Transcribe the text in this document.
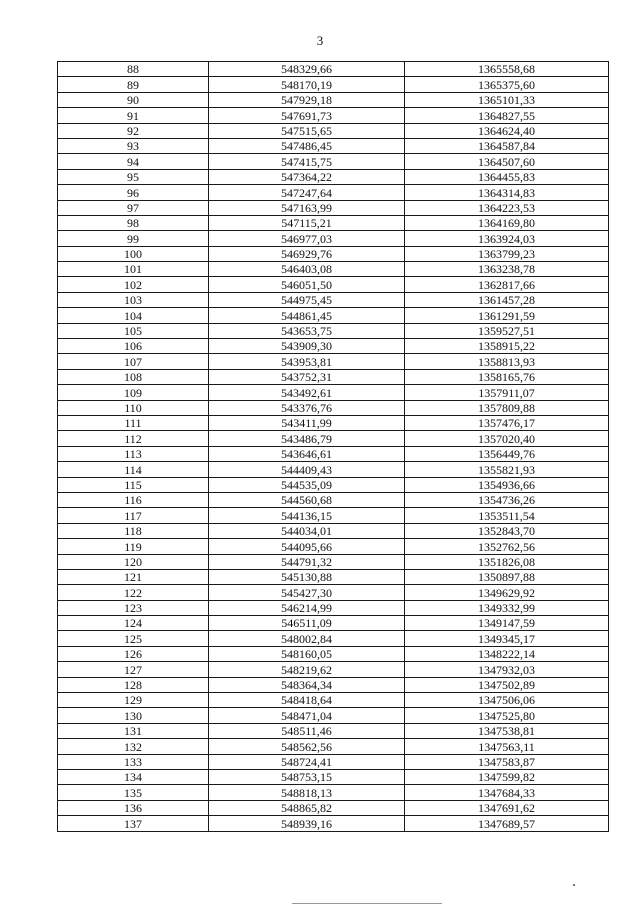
3
88	548329,66	1365558,68
89	548170,19	1365375,60
90	547929,18	1365101,33
91	547691,73	1364827,55
92	547515,65	1364624,40
93	547486,45	1364587,84
94	547415,75	1364507,60
95	547364,22	1364455,83
96	547247,64	1364314,83
97	547163,99	1364223,53
98	547115,21	1364169,80
99	546977,03	1363924,03
100	546929,76	1363799,23
101	546403,08	1363238,78
102	546051,50	1362817,66
103	544975,45	1361457,28
104	544861,45	1361291,59
105	543653,75	1359527,51
106	543909,30	1358915,22
107	543953,81	1358813,93
108	543752,31	1358165,76
109	543492,61	1357911,07
110	543376,76	1357809,88
111	543411,99	1357476,17
112	543486,79	1357020,40
113	543646,61	1356449,76
114	544409,43	1355821,93
115	544535,09	1354936,66
116	544560,68	1354736,26
117	544136,15	1353511,54
118	544034,01	1352843,70
119	544095,66	1352762,56
120	544791,32	1351826,08
121	545130,88	1350897,88
122	545427,30	1349629,92
123	546214,99	1349332,99
124	546511,09	1349147,59
125	548002,84	1349345,17
126	548160,05	1348222,14
127	548219,62	1347932,03
128	548364,34	1347502,89
129	548418,64	1347506,06
130	548471,04	1347525,80
131	548511,46	1347538,81
132	548562,56	1347563,11
133	548724,41	1347583,87
134	548753,15	1347599,82
135	548818,13	1347684,33
136	548865,82	1347691,62
137	548939,16	1347689,57
